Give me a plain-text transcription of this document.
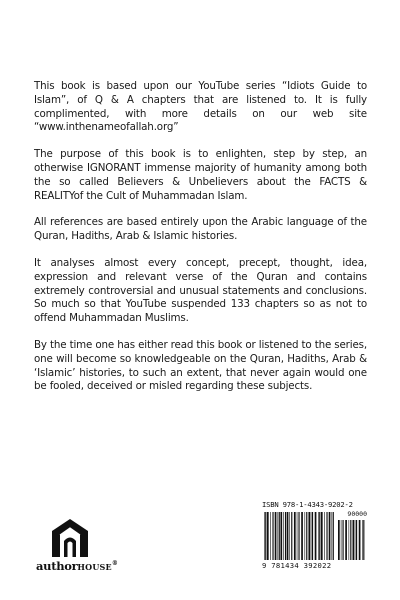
This book is based upon our YouTube series “Idiots Guide to Islam”, of Q & A chapters that are listened to. It is fully complimented, with more details on our web site “www.inthenameofallah.org”

The purpose of this book is to enlighten, step by step, an otherwise IGNORANT immense majority of humanity among both the so called Believers & Unbelievers about the FACTS & REALITYof the Cult of Muhammadan Islam.

All references are based entirely upon the Arabic language of the Quran, Hadiths, Arab & Islamic histories.

It analyses almost every concept, precept, thought, idea, expression and relevant verse of the Quran and contains extremely controversial and unusual statements and conclusions. So much so that YouTube suspended 133 chapters so as not to offend Muhammadan Muslims.

By the time one has either read this book or listened to the series, one will become so knowledgeable on the Quran, Hadiths, Arab & ‘Islamic’ histories, to such an extent, that never again would one be fooled, deceived or misled regarding these subjects.

authorHOUSE®
ISBN 978-1-4343-9202-2
90000
9 781434 392022
